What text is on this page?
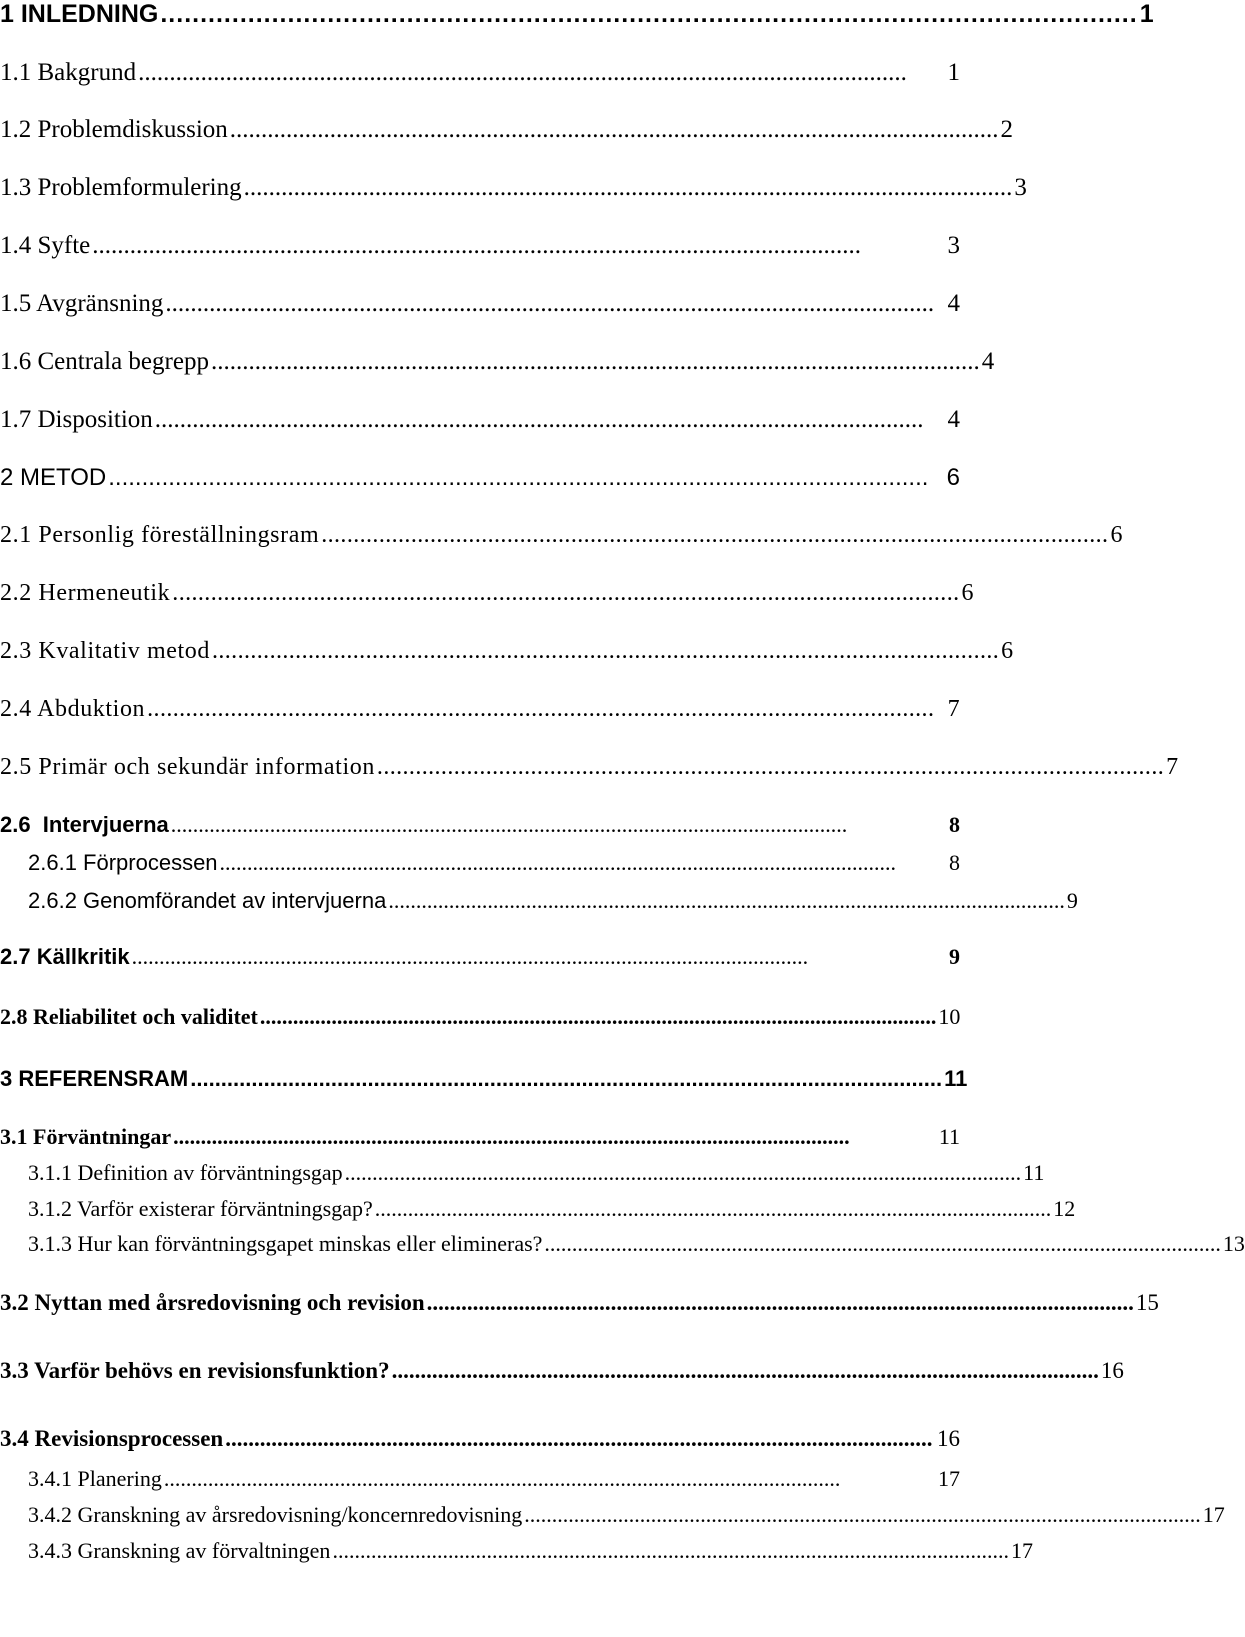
1 INLEDNING ........................................................................................................................... 1
1.1 Bakgrund ...........................................................................................................................	1
1.2 Problemdiskussion ........................................................................................................................... 2
1.3 Problemformulering ........................................................................................................................... 3
1.4 Syfte ...........................................................................................................................	3
1.5 Avgränsning ........................................................................................................................... 4
1.6 Centrala begrepp ........................................................................................................................... 4
1.7 Disposition ........................................................................................................................... 4
2 METOD ........................................................................................................................... 6
2.1 Personlig föreställningsram ........................................................................................................................... 6
2.2 Hermeneutik ........................................................................................................................... 6
2.3 Kvalitativ metod ........................................................................................................................... 6
2.4 Abduktion ........................................................................................................................... 7
2.5 Primär och sekundär information ........................................................................................................................... 7
2.6  Intervjuerna ...........................................................................................................................	8
2.6.1 Förprocessen ...........................................................................................................................	8
2.6.2 Genomförandet av intervjuerna ........................................................................................................................... 9
2.7 Källkritik ...........................................................................................................................	9
2.8 Reliabilitet och validitet ........................................................................................................................... 10
3 REFERENSRAM ........................................................................................................................... 11
3.1 Förväntningar ...........................................................................................................................	11
3.1.1 Definition av förväntningsgap ........................................................................................................................... 11
3.1.2 Varför existerar förväntningsgap? ........................................................................................................................... 12
3.1.3 Hur kan förväntningsgapet minskas eller elimineras? ........................................................................................................................... 13
3.2 Nyttan med årsredovisning och revision ........................................................................................................................... 15
3.3 Varför behövs en revisionsfunktion? ........................................................................................................................... 16
3.4 Revisionsprocessen ........................................................................................................................... 16
3.4.1 Planering ...........................................................................................................................	17
3.4.2 Granskning av årsredovisning/koncernredovisning ........................................................................................................................... 17
3.4.3 Granskning av förvaltningen ........................................................................................................................... 17
